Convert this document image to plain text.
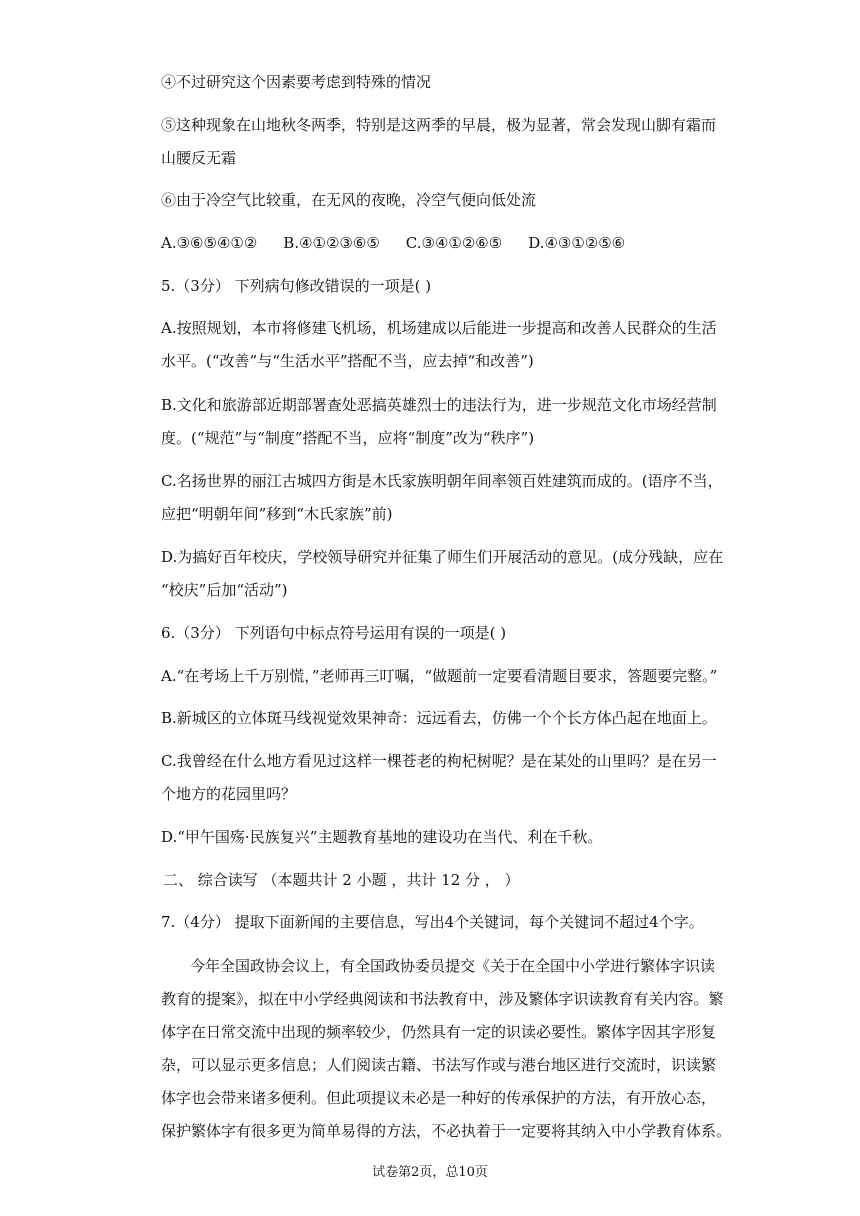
④不过研究这个因素要考虑到特殊的情况
⑤这种现象在山地秋冬两季，特别是这两季的早晨，极为显著，常会发现山脚有霜而
山腰反无霜
⑥由于冷空气比较重，在无风的夜晚，冷空气便向低处流
A.③⑥⑤④①② B.④①②③⑥⑤ C.③④①②⑥⑤ D.④③①②⑤⑥
5.（3分） 下列病句修改错误的一项是( )
A.按照规划，本市将修建飞机场，机场建成以后能进一步提高和改善人民群众的生活
水平。(“改善”与“生活水平”搭配不当，应去掉“和改善”)
B.文化和旅游部近期部署查处恶搞英雄烈士的违法行为，进一步规范文化市场经营制
度。(“规范”与“制度”搭配不当，应将“制度”改为“秩序”)
C.名扬世界的丽江古城四方街是木氏家族明朝年间率领百姓建筑而成的。(语序不当，
应把“明朝年间”移到“木氏家族”前)
D.为搞好百年校庆，学校领导研究并征集了师生们开展活动的意见。(成分残缺，应在
“校庆”后加“活动”)
6.（3分） 下列语句中标点符号运用有误的一项是( )
A.“在考场上千万别慌，”老师再三叮嘱，“做题前一定要看清题目要求，答题要完整。”
B.新城区的立体斑马线视觉效果神奇：远远看去，仿佛一个个长方体凸起在地面上。
C.我曾经在什么地方看见过这样一棵苍老的枸杞树呢？是在某处的山里吗？是在另一
个地方的花园里吗？
D.“甲午国殇·民族复兴”主题教育基地的建设功在当代、利在千秋。
二、 综合读写 （本题共计 2 小题 ，共计 12 分 ， ）
7.（4分） 提取下面新闻的主要信息，写出4个关键词，每个关键词不超过4个字。
今年全国政协会议上，有全国政协委员提交《关于在全国中小学进行繁体字识读
教育的提案》，拟在中小学经典阅读和书法教育中，涉及繁体字识读教育有关内容。繁
体字在日常交流中出现的频率较少，仍然具有一定的识读必要性。繁体字因其字形复
杂，可以显示更多信息；人们阅读古籍、书法写作或与港台地区进行交流时，识读繁
体字也会带来诸多便利。但此项提议未必是一种好的传承保护的方法，有开放心态，
保护繁体字有很多更为简单易得的方法，不必执着于一定要将其纳入中小学教育体系。
试卷第2页，总10页
